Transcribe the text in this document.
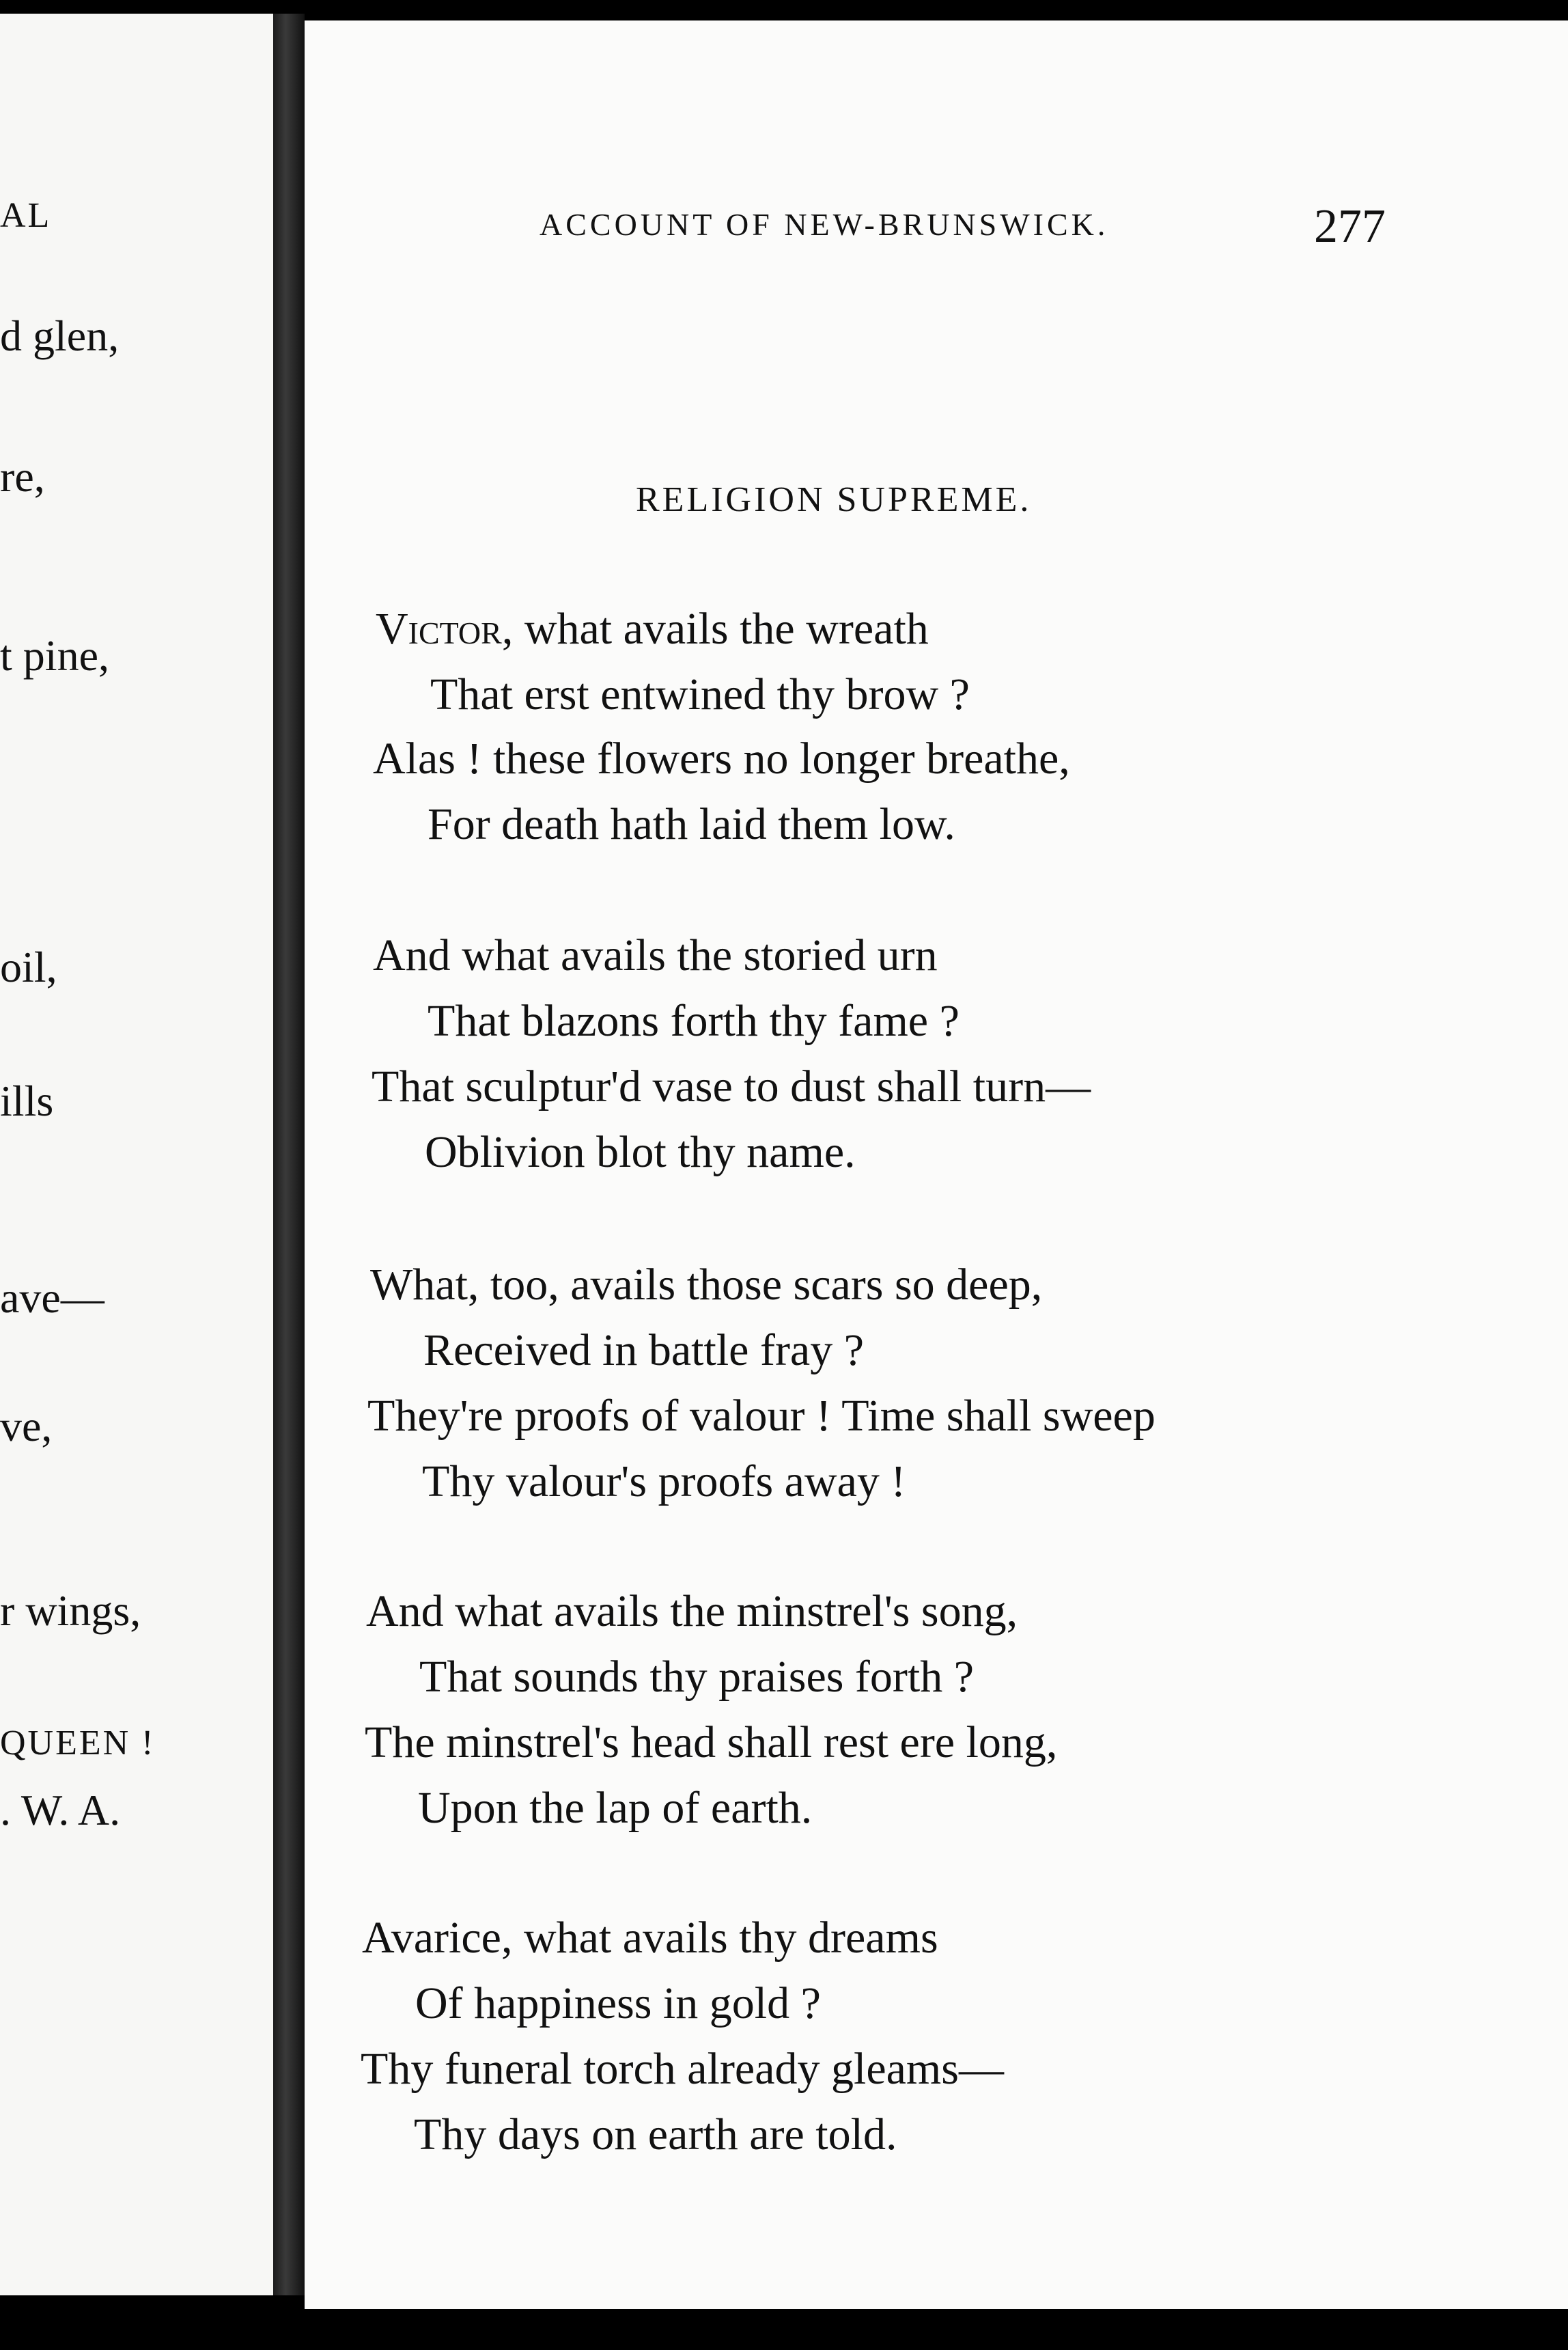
AL
d glen,
re,
t pine,
oil,
ills
ave—
ve,
r wings,
QUEEN !
. W. A.
ACCOUNT OF NEW-BRUNSWICK.	277
RELIGION SUPREME.
Victor, what avails the wreath
That erst entwined thy brow ?
Alas ! these flowers no longer breathe,
For death hath laid them low.
And what avails the storied urn
That blazons forth thy fame ?
That sculptur'd vase to dust shall turn—
Oblivion blot thy name.
What, too, avails those scars so deep,
Received in battle fray ?
They're proofs of valour ! Time shall sweep
Thy valour's proofs away !
And what avails the minstrel's song,
That sounds thy praises forth ?
The minstrel's head shall rest ere long,
Upon the lap of earth.
Avarice, what avails thy dreams
Of happiness in gold ?
Thy funeral torch already gleams—
Thy days on earth are told.
